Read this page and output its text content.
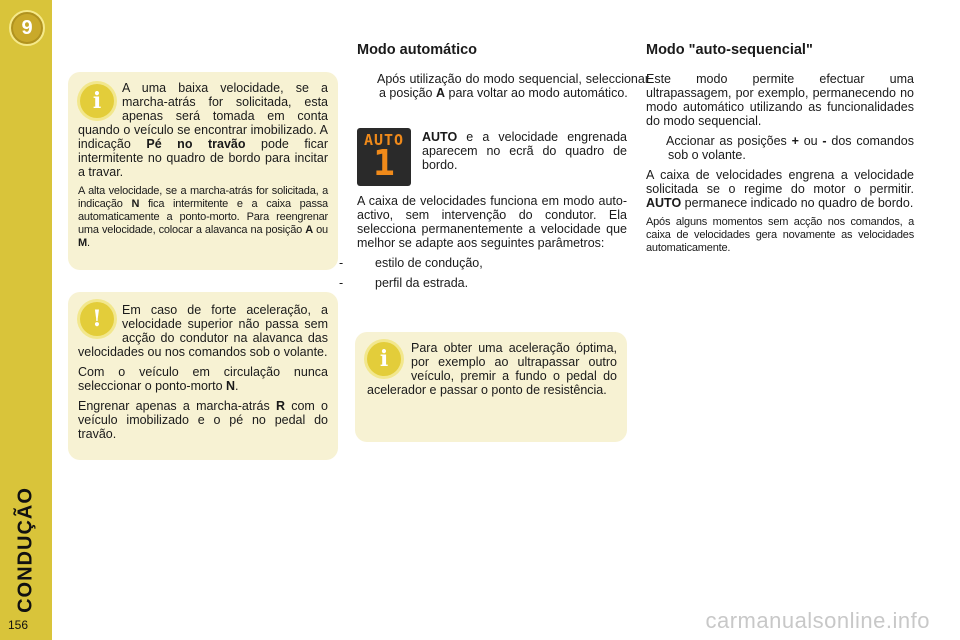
9
CONDUÇÃO
156
i	A uma baixa velocidade, se a marcha-atrás for solicitada, esta apenas será tomada em conta quando o veículo se encontrar imobilizado. A indicação Pé no travão pode ficar intermitente no quadro de bordo para incitar a travar.

A alta velocidade, se a marcha-atrás for solicitada, a indicação N fica intermitente e a caixa passa automaticamente a ponto-morto. Para reengrenar uma velocidade, colocar a alavanca na posição A ou M.

!	Em caso de forte aceleração, a velocidade superior não passa sem acção do condutor na alavanca das velocidades ou nos comandos sob o volante.

Com o veículo em circulação nunca seleccionar o ponto-morto N.

Engrenar apenas a marcha-atrás R com o veículo imobilizado e o pé no pedal do travão.

Modo automático
Após utilização do modo sequencial, seleccionar a posição A para voltar ao modo automático.
AUTO
1
AUTO e a velocidade engrenada aparecem no ecrã do quadro de bordo.

A caixa de velocidades funciona em modo auto-activo, sem intervenção do condutor. Ela selecciona permanentemente a velocidade que melhor se adapte aos seguintes parâmetros:

-	estilo de condução,

-	perfil da estrada.

i	Para obter uma aceleração óptima, por exemplo ao ultrapassar outro veículo, premir a fundo o pedal do acelerador e passar o ponto de resistência.

Modo "auto-sequencial"

Este modo permite efectuar uma ultrapassagem, por exemplo, permanecendo no modo automático utilizando as funcionalidades do modo sequencial.

Accionar as posições + ou - dos comandos sob o volante.

A caixa de velocidades engrena a velocidade solicitada se o regime do motor o permitir. AUTO permanece indicado no quadro de bordo.

Após alguns momentos sem acção nos comandos, a caixa de velocidades gera novamente as velocidades automaticamente.

carmanualsonline.info
